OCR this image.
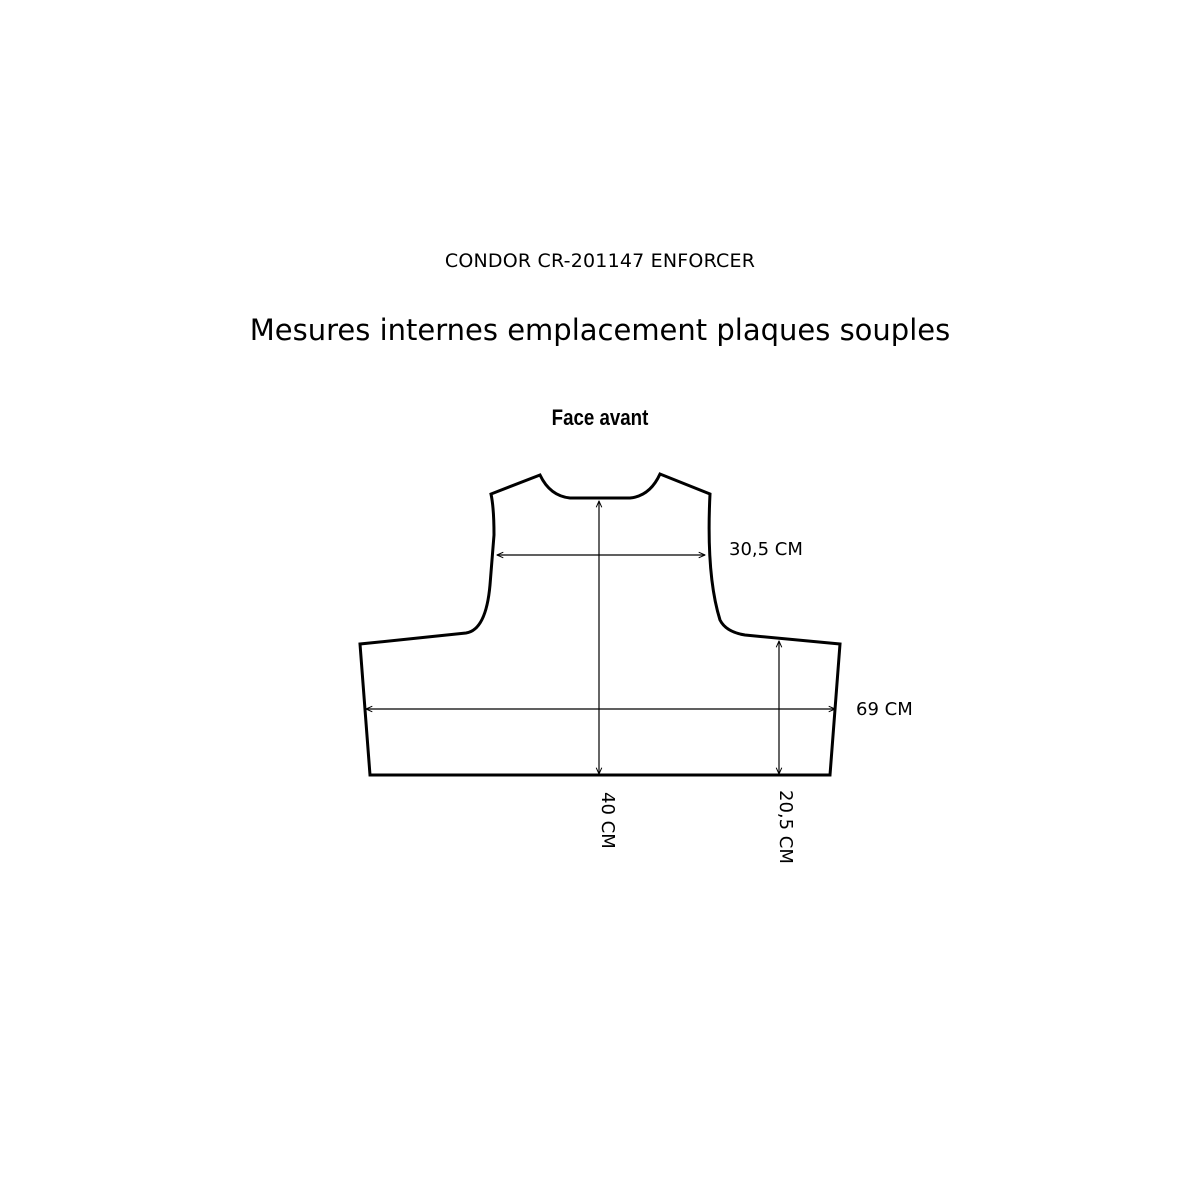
CONDOR CR-201147 ENFORCER
Mesures internes emplacement plaques souples
Face avant
30,5 CM
69 CM
40 CM	20,5 CM
